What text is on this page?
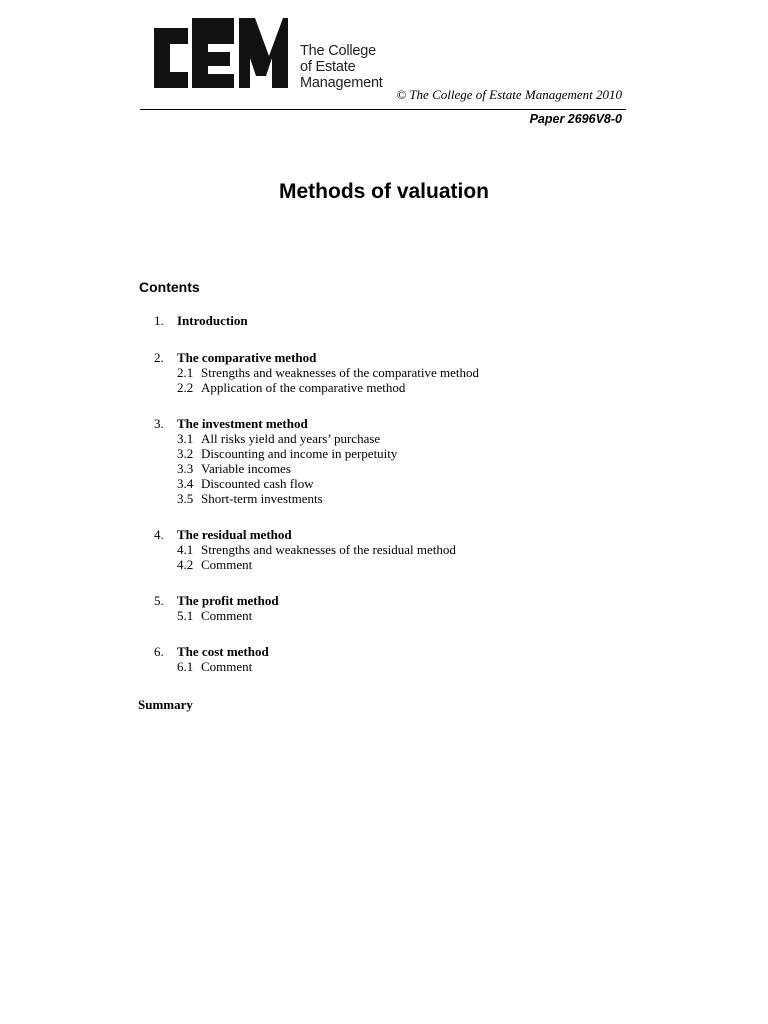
The College
of Estate
Management
© The College of Estate Management 2010
Paper 2696V8-0
Methods of valuation
Contents
1. Introduction
2. The comparative method
2.1 Strengths and weaknesses of the comparative method
2.2 Application of the comparative method
3. The investment method
3.1 All risks yield and years’ purchase
3.2 Discounting and income in perpetuity
3.3 Variable incomes
3.4 Discounted cash flow
3.5 Short-term investments
4. The residual method
4.1 Strengths and weaknesses of the residual method
4.2 Comment
5. The profit method
5.1 Comment
6. The cost method
6.1 Comment
Summary
